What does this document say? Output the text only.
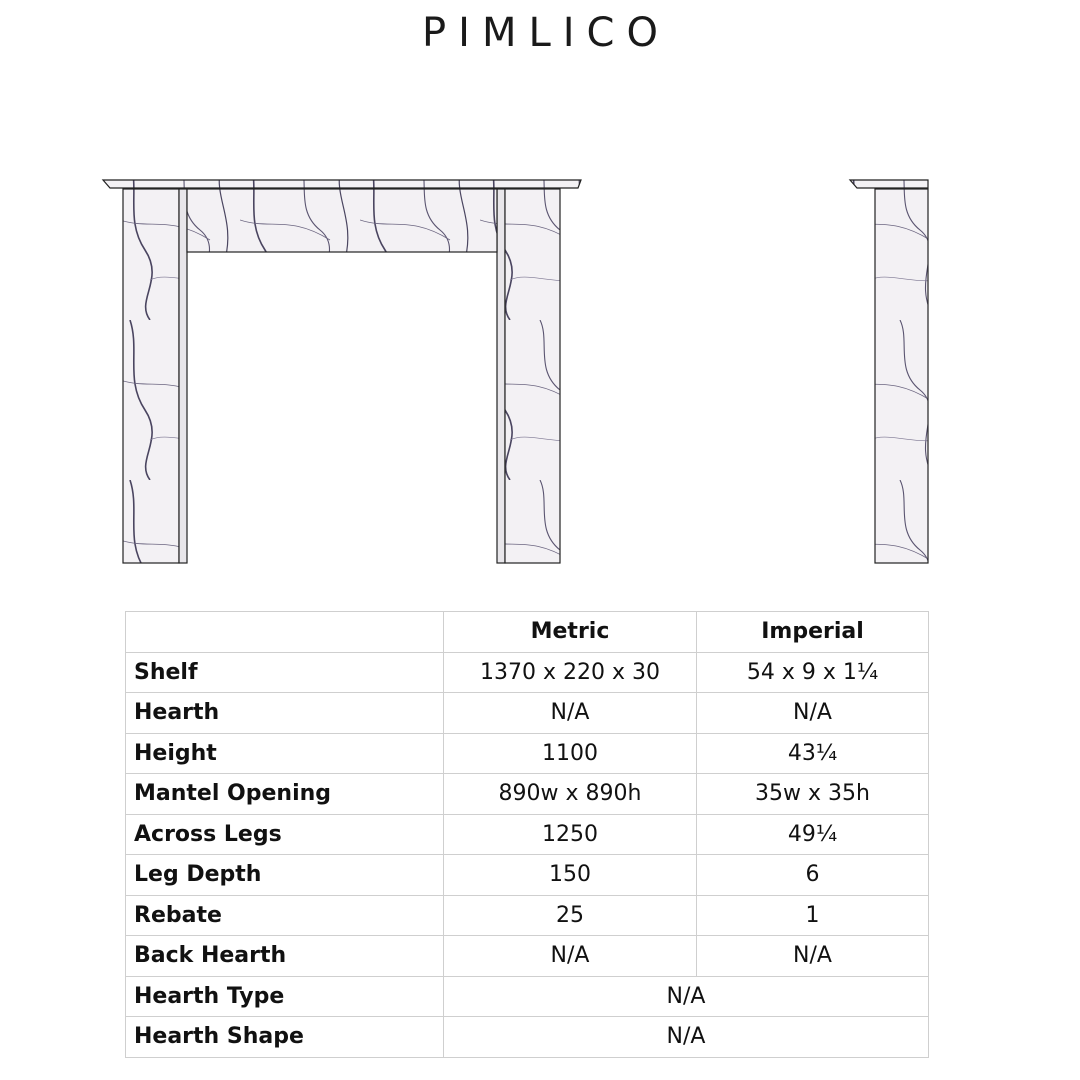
PIMLICO
	Metric	Imperial
Shelf	1370 x 220 x 30	54 x 9 x 1¼
Hearth	N/A	N/A
Height	1100	43¼
Mantel Opening	890w x 890h	35w x 35h
Across Legs	1250	49¼
Leg Depth	150	6
Rebate	25	1
Back Hearth	N/A	N/A
Hearth Type	N/A	
Hearth Shape	N/A	
